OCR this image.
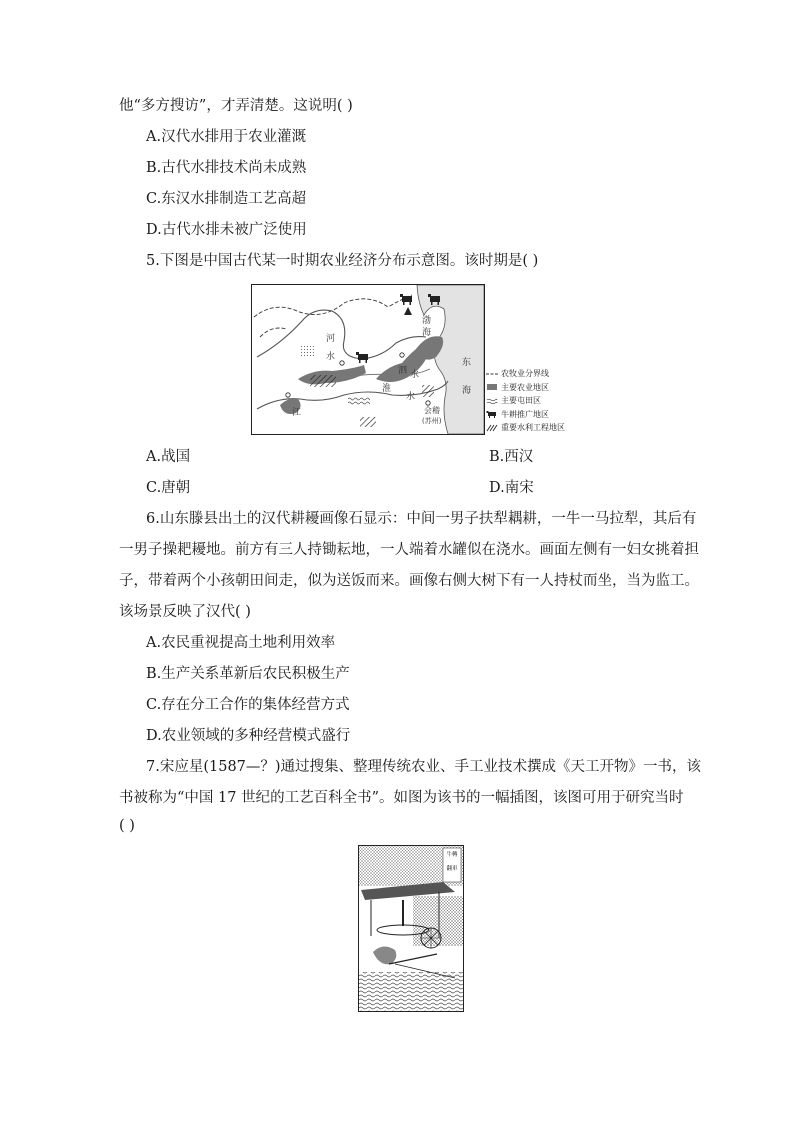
他“多方搜访”，才弄清楚。这说明( )
A.汉代水排用于农业灌溉
B.古代水排技术尚未成熟
C.东汉水排制造工艺高超
D.古代水排未被广泛使用
5.下图是中国古代某一时期农业经济分布示意图。该时期是( )
渤
海
东
海
河
水
江
淮
水
泗 水
会稽
(苏州)
农牧业分界线
主要农业地区
主要屯田区
牛耕推广地区
重要水利工程地区
A.战国	B.西汉
C.唐朝	D.南宋
6.山东滕县出土的汉代耕耰画像石显示：中间一男子扶犁耦耕，一牛一马拉犁，其后有
一男子操耙耰地。前方有三人持锄耘地，一人端着水罐似在浇水。画面左侧有一妇女挑着担
子，带着两个小孩朝田间走，似为送饭而来。画像右侧大树下有一人持杖而坐，当为监工。
该场景反映了汉代( )
A.农民重视提高土地利用效率
B.生产关系革新后农民积极生产
C.存在分工合作的集体经营方式
D.农业领域的多种经营模式盛行
7.宋应星(1587—？)通过搜集、整理传统农业、手工业技术撰成《天工开物》一书，该
书被称为“中国 17 世纪的工艺百科全书”。如图为该书的一幅插图，该图可用于研究当时
( )
牛轉
翻車
